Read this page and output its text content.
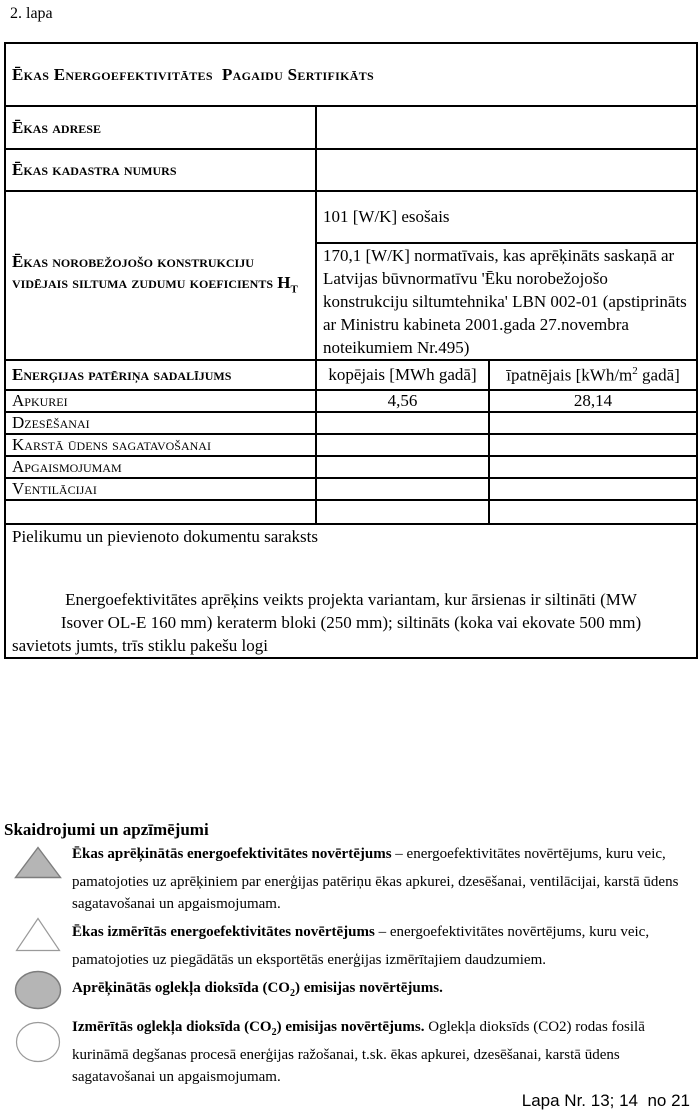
2. lapa
Ēkas Energoefektivitātes  Pagaidu Sertifikāts		
Ēkas adrese		
Ēkas kadastra numurs		
Ēkas norobežojošo konstrukciju vidējais siltuma zudumu koeficients $H_T$	101 [W/K] esošais	
	170,1 [W/K] normatīvais, kas aprēķināts saskaņā ar Latvijas būvnormatīvu 'Ēku norobežojošo konstrukciju siltumtehnika' LBN 002-01 (apstiprināts ar Ministru kabineta 2001.gada 27.novembra noteikumiem Nr.495)	
Enerģijas patēriņa sadalījums	kopējais [MWh gadā]	īpatnējais [$kWh/m^2$ gadā]
Apkurei	4,56	28,14
Dzesēšanai		
Karstā ūdens sagatavošanai		
Apgaismojumam		
Ventilācijai		

Pielikumu un pievienoto dokumentu saraksts
Energoefektivitātes aprēķins veikts projekta variantam, kur ārsienas ir siltināti (MW
Isover OL-E 160 mm) keraterm bloki (250 mm); siltināts (koka vai ekovate 500 mm)
savietots jumts, trīs stiklu pakešu logi		
Skaidrojumi un apzīmējumi
Ēkas aprēķinātās energoefektivitātes novērtējums – energoefektivitātes novērtējums, kuru veic, pamatojoties uz aprēķiniem par enerģijas patēriņu ēkas apkurei, dzesēšanai, ventilācijai, karstā ūdens sagatavošanai un apgaismojumam.
Ēkas izmērītās energoefektivitātes novērtējums – energoefektivitātes novērtējums, kuru veic, pamatojoties uz piegādātās un eksportētās enerģijas izmērītajiem daudzumiem.
Aprēķinātās oglekļa dioksīda $(CO_2)$ emisijas novērtējums.
Izmērītās oglekļa dioksīda $(CO_2)$ emisijas novērtējums. Oglekļa dioksīds (CO2) rodas fosilā kurināmā degšanas procesā enerģijas ražošanai, t.sk. ēkas apkurei, dzesēšanai, karstā ūdens sagatavošanai un apgaismojumam.
Lapa Nr. 13; 14  no 21
